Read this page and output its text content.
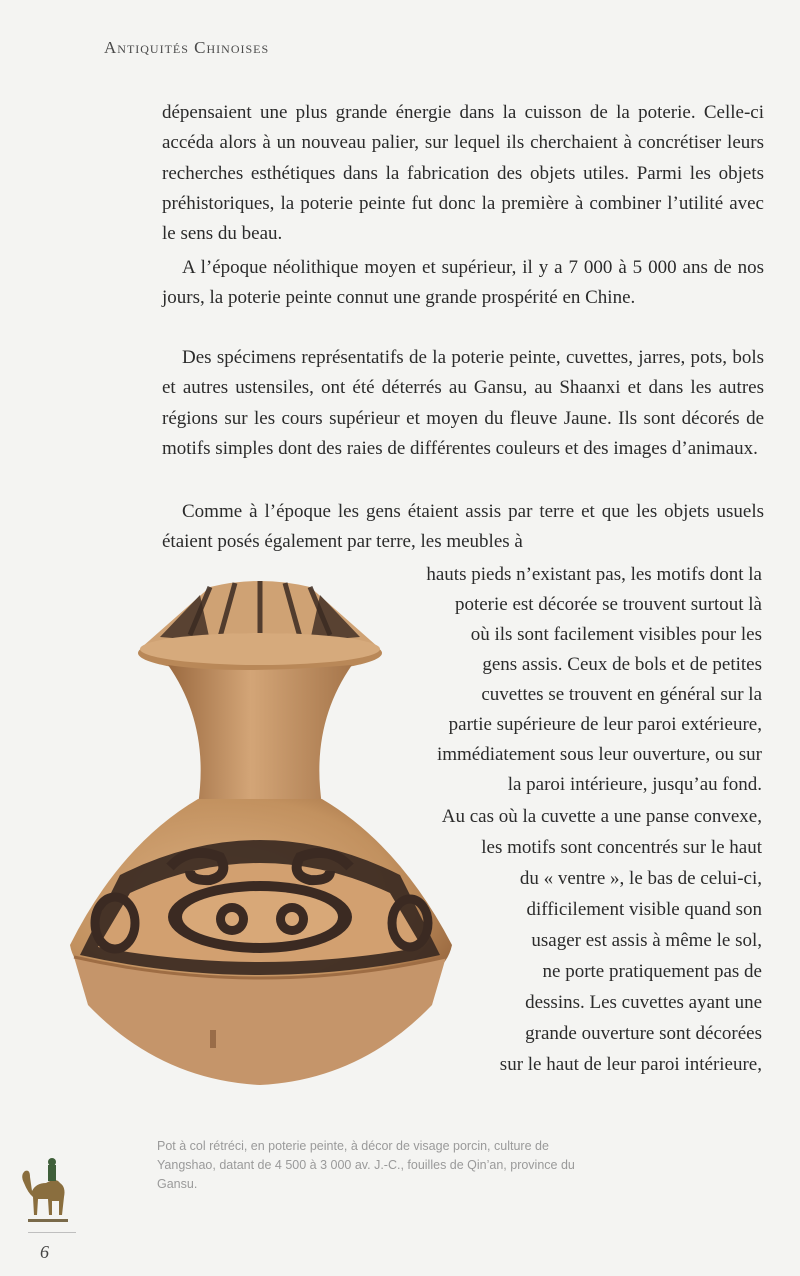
Antiquités Chinoises

dépensaient une plus grande énergie dans la cuisson de la poterie. Celle-ci accéda alors à un nouveau palier, sur lequel ils cherchaient à concrétiser leurs recherches esthétiques dans la fabrication des objets utiles. Parmi les objets préhistoriques, la poterie peinte fut donc la première à combiner l’utilité avec le sens du beau.

A l’époque néolithique moyen et supérieur, il y a 7 000 à 5 000 ans de nos jours, la poterie peinte connut une grande prospérité en Chine.

Des spécimens représentatifs de la poterie peinte, cuvettes, jarres, pots, bols et autres ustensiles, ont été déterrés au Gansu, au Shaanxi et dans les autres régions sur les cours supérieur et moyen du fleuve Jaune. Ils sont décorés de motifs simples dont des raies de différentes couleurs et des images d’animaux.

Comme à l’époque les gens étaient assis par terre et que les objets usuels étaient posés également par terre, les meubles à

hauts pieds n’existant pas, les motifs dont la

poterie est décorée se trouvent surtout là

où ils sont facilement visibles pour les

gens assis. Ceux de bols et de petites

cuvettes se trouvent en général sur la

partie supérieure de leur paroi extérieure,

immédiatement sous leur ouverture, ou sur

la paroi intérieure, jusqu’au fond.

Au cas où la cuvette a une panse convexe,

les motifs sont concentrés sur le haut

du « ventre », le bas de celui-ci,

difficilement visible quand son

usager est assis à même le sol,

ne porte pratiquement pas de

dessins. Les cuvettes ayant une

grande ouverture sont décorées

sur le haut de leur paroi intérieure,

Pot à col rétréci, en poterie peinte, à décor de visage porcin, culture de Yangshao, datant de 4 500 à 3 000 av. J.-C., fouilles de Qin’an, province du Gansu.
6
